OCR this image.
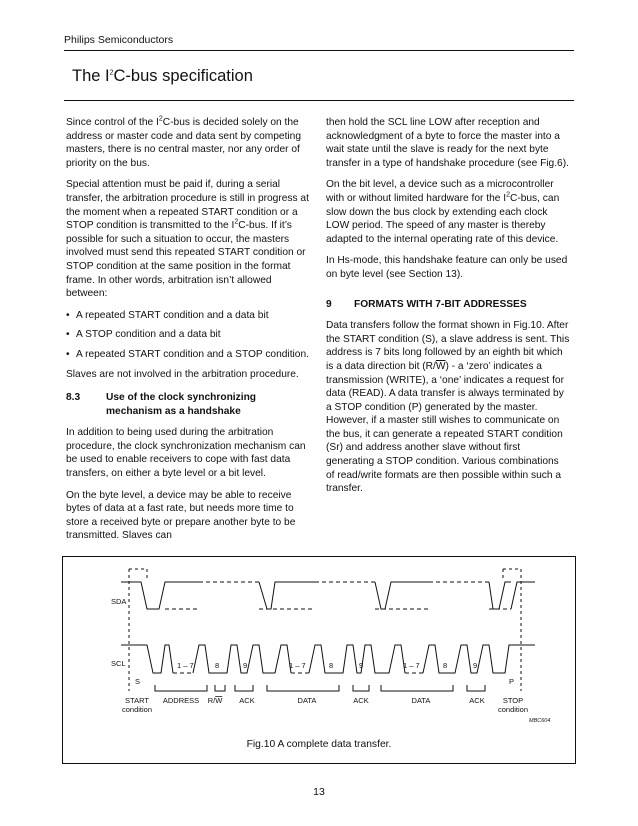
Philips Semiconductors
The $I^2C$-bus specification

Since control of the $I^2C$-bus is decided solely on the address or master code and data sent by competing masters, there is no central master, nor any order of priority on the bus.

Special attention must be paid if, during a serial transfer, the arbitration procedure is still in progress at the moment when a repeated START condition or a STOP condition is transmitted to the $I^2C$-bus. If it’s possible for such a situation to occur, the masters involved must send this repeated START condition or STOP condition at the same position in the format frame. In other words, arbitration isn’t allowed between:

• A repeated START condition and a data bit
• A STOP condition and a data bit
• A repeated START condition and a STOP condition.

Slaves are not involved in the arbitration procedure.

8.3	Use of the clock synchronizing mechanism as a handshake

In addition to being used during the arbitration procedure, the clock synchronization mechanism can be used to enable receivers to cope with fast data transfers, on either a byte level or a bit level.

On the byte level, a device may be able to receive bytes of data at a fast rate, but needs more time to store a received byte or prepare another byte to be transmitted. Slaves can

then hold the SCL line LOW after reception and acknowledgment of a byte to force the master into a wait state until the slave is ready for the next byte transfer in a type of handshake procedure (see Fig.6).

On the bit level, a device such as a microcontroller with or without limited hardware for the $I^2C$-bus, can slow down the bus clock by extending each clock LOW period. The speed of any master is thereby adapted to the internal operating rate of this device.

In Hs-mode, this handshake feature can only be used on byte level (see Section 13).

9	FORMATS WITH 7-BIT ADDRESSES

Data transfers follow the format shown in Fig.10. After the START condition (S), a slave address is sent. This address is 7 bits long followed by an eighth bit which is a data direction bit $(R/\overline{W})$ - a ‘zero’ indicates a transmission (WRITE), a ‘one’ indicates a request for data (READ). A data transfer is always terminated by a STOP condition (P) generated by the master. However, if a master still wishes to communicate on the bus, it can generate a repeated START condition (Sr) and address another slave without first generating a STOP condition. Various combinations of read/write formats are then possible within such a transfer.

SDA
SCL	1 – 7	8	9	1 – 7	8	9	1 – 7	8	9
S	P
START
condition
ADDRESS R/W ACK	DATA	ACK	DATA	ACK STOP
condition
MBC604
Fig.10 A complete data transfer.
13
